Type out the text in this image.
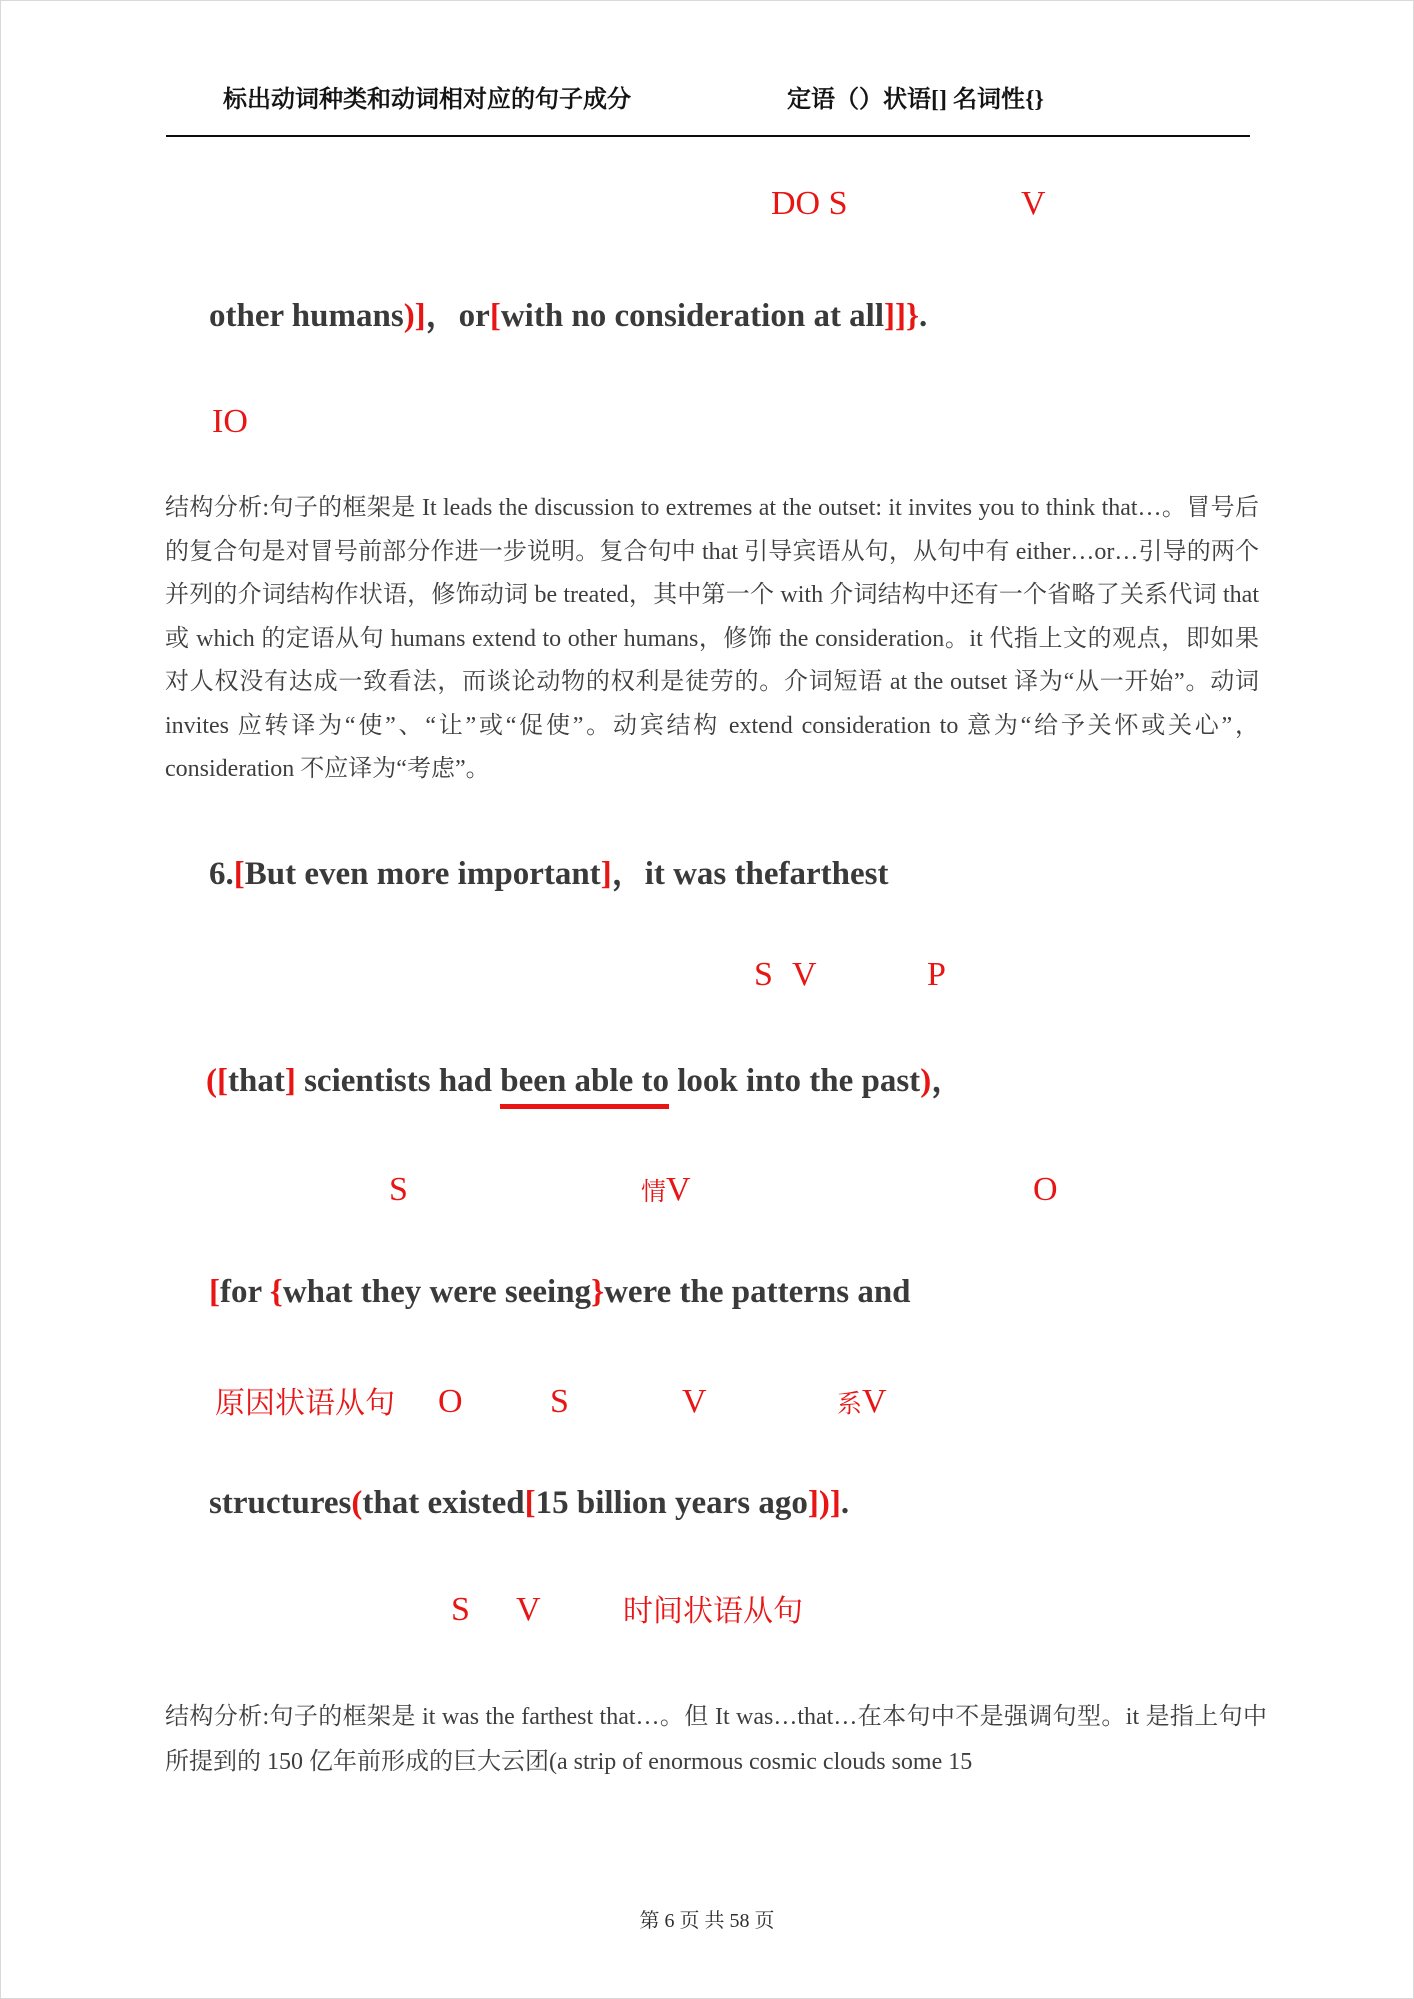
标出动词种类和动词相对应的句子成分	定语（）状语[] 名词性{}
DO S	V

other humans)]，or[with no consideration at all]]}.

IO

结构分析:句子的框架是 It leads the discussion to extremes at the outset: it invites you to think that…。冒号后的复合句是对冒号前部分作进一步说明。复合句中 that 引导宾语从句，从句中有 either…or…引导的两个并列的介词结构作状语，修饰动词 be treated，其中第一个 with 介词结构中还有一个省略了关系代词 that 或 which 的定语从句 humans extend to other humans，修饰 the consideration。it 代指上文的观点，即如果对人权没有达成一致看法，而谈论动物的权利是徒劳的。介词短语 at the outset 译为“从一开始”。动词 invites 应转译为“使”、“让”或“促使”。动宾结构 extend consideration to 意为“给予关怀或关心”，consideration 不应译为“考虑”。

6.[But even more important]，it was thefarthest

S V	P

([that] scientists had been able to look into the past)，

S	情V	O

[for {what they were seeing}were the patterns and

原因状语从句 O	S	V	系V

structures(that existed[15 billion years ago])].

S V	时间状语从句

结构分析:句子的框架是 it was the farthest that…。但 It was…that…在本句中不是强调句型。it 是指上句中所提到的 150 亿年前形成的巨大云团(a strip of enormous cosmic clouds some 15

第 6 页 共 58 页
